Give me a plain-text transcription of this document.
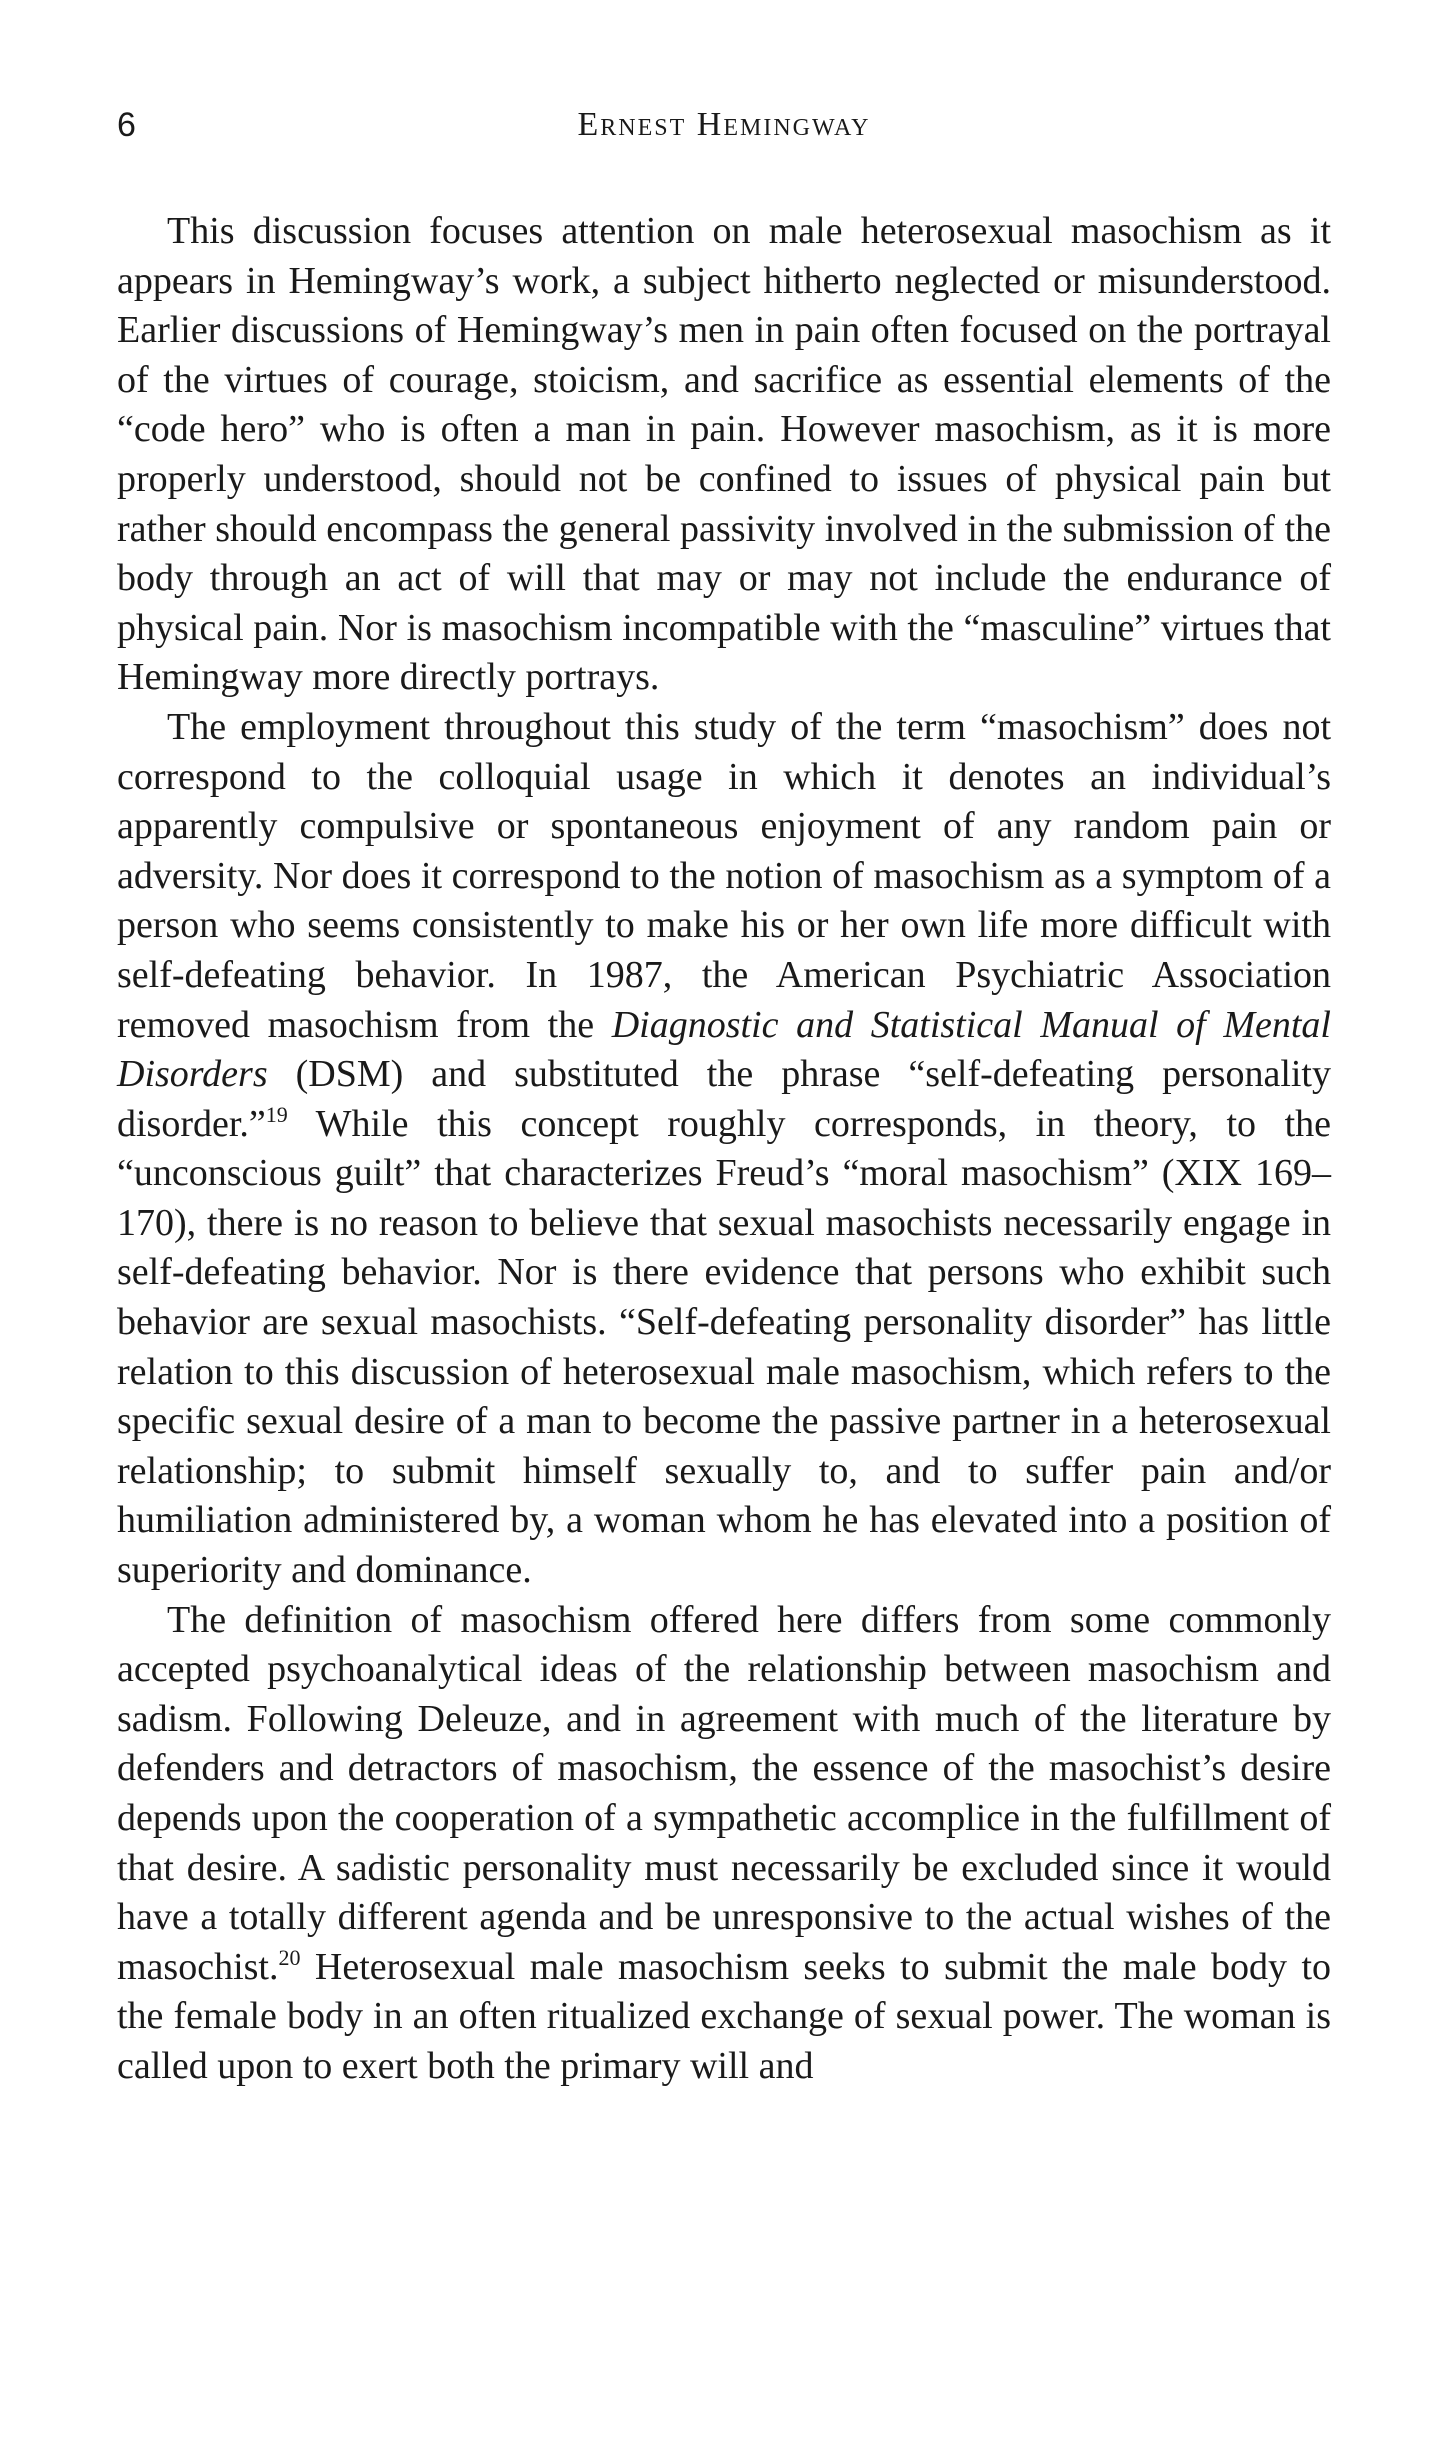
6	Ernest Hemingway

This discussion focuses attention on male heterosexual masochism as it appears in Hemingway’s work, a subject hitherto neglected or misunderstood. Earlier discussions of Hemingway’s men in pain often focused on the portrayal of the virtues of courage, stoicism, and sacrifice as essential elements of the “code hero” who is often a man in pain. However masochism, as it is more properly understood, should not be confined to issues of physical pain but rather should encompass the general passivity involved in the submission of the body through an act of will that may or may not include the endurance of physical pain. Nor is masochism incompatible with the “masculine” virtues that Hemingway more directly portrays.

The employment throughout this study of the term “masochism” does not correspond to the colloquial usage in which it denotes an individual’s apparently compulsive or spontaneous enjoyment of any random pain or adversity. Nor does it correspond to the notion of masochism as a symptom of a person who seems consistently to make his or her own life more difficult with self-defeating behavior. In 1987, the American Psychiatric Association removed masochism from the Diagnostic and Statistical Manual of Mental Disorders (DSM) and substituted the phrase “self-defeating personality disorder.”$^{19}$ While this concept roughly corresponds, in theory, to the “unconscious guilt” that characterizes Freud’s “moral masochism” (XIX 169–170), there is no reason to believe that sexual masochists necessarily engage in self-defeating behavior. Nor is there evidence that persons who exhibit such behavior are sexual masochists. “Self-defeating personality disorder” has little relation to this discussion of heterosexual male masochism, which refers to the specific sexual desire of a man to become the passive partner in a heterosexual relationship; to submit himself sexually to, and to suffer pain and/or humiliation administered by, a woman whom he has elevated into a position of superiority and dominance.

The definition of masochism offered here differs from some commonly accepted psychoanalytical ideas of the relationship between masochism and sadism. Following Deleuze, and in agreement with much of the literature by defenders and detractors of masochism, the essence of the masochist’s desire depends upon the cooperation of a sympathetic accomplice in the fulfillment of that desire. A sadistic personality must necessarily be excluded since it would have a totally different agenda and be unresponsive to the actual wishes of the masochist.$^{20}$ Heterosexual male masochism seeks to submit the male body to the female body in an often ritualized exchange of sexual power. The woman is called upon to exert both the primary will and
